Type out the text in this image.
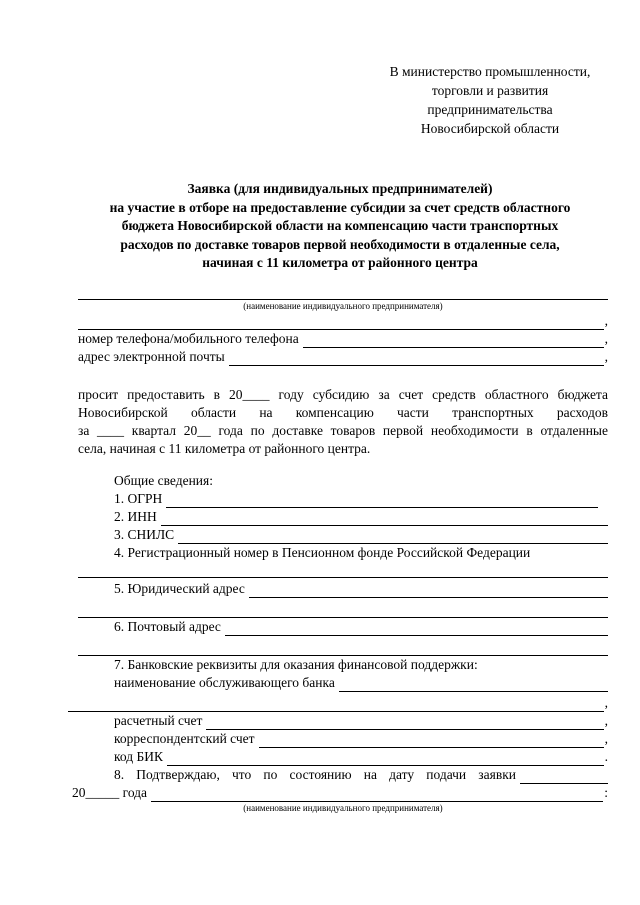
В министерство промышленности,
торговли и развития
предпринимательства
Новосибирской области
Заявка (для индивидуальных предпринимателей)
на участие в отборе на предоставление субсидии за счет средств областного
бюджета Новосибирской области на компенсацию части транспортных
расходов по доставке товаров первой необходимости в отдаленные села,
начиная с 11 километра от районного центра
(наименование индивидуального предпринимателя)
,
номер телефона/мобильного телефона	,
адрес электронной почты	,
просит предоставить в 20____ году субсидию за счет средств областного бюджета
Новосибирской области на компенсацию части транспортных расходов
за ____ квартал 20__ года по доставке товаров первой необходимости в отдаленные
села, начиная с 11 километра от районного центра.
Общие сведения:
1. ОГРН
2. ИНН
3. СНИЛС
4. Регистрационный номер в Пенсионном фонде Российской Федерации
5. Юридический адрес
6. Почтовый адрес
7. Банковские реквизиты для оказания финансовой поддержки:
наименование обслуживающего банка
,
расчетный счет	,
корреспондентский счет	,
код БИК	.
8. Подтверждаю, что по состоянию на дату подачи заявки
20_____ года	:
(наименование индивидуального предпринимателя)
